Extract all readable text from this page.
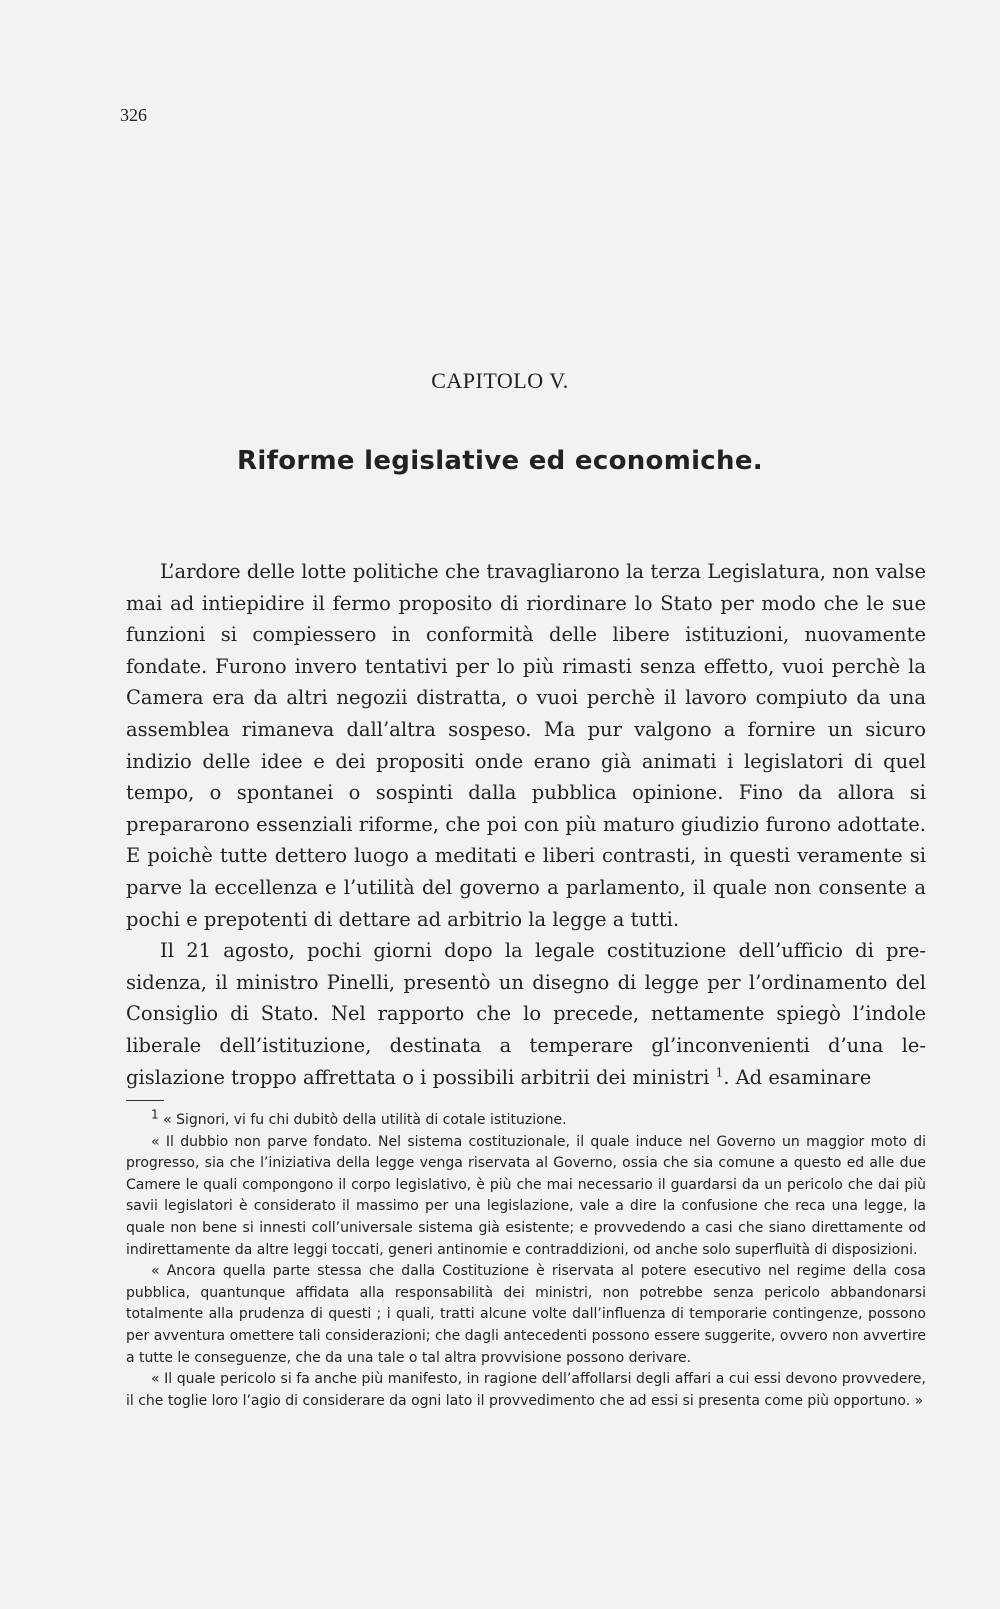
326
CAPITOLO V.
Riforme legislative ed economiche.

L’ardore delle lotte politiche che travagliarono la terza Legislatura, non valse mai ad intiepidire il fermo proposito di riordinare lo Stato per modo che le sue funzioni si compiessero in conformità delle libere istituzioni, nuovamente fondate. Furono invero tentativi per lo più rimasti senza effetto, vuoi perchè la Camera era da altri negozii distratta, o vuoi perchè il lavoro compiuto da una assemblea rimaneva dall’altra sospeso. Ma pur valgono a fornire un sicuro indizio delle idee e dei propositi onde erano già animati i legislatori di quel tempo, o spontanei o sospinti dalla pubblica opinione. Fino da allora si prepararono essenziali riforme, che poi con più maturo giudizio furono adottate. E poichè tutte dettero luogo a meditati e liberi contrasti, in questi veramente si parve la eccellenza e l’utilità del governo a parlamento, il quale non consente a pochi e prepotenti di dettare ad arbitrio la legge a tutti.

Il 21 agosto, pochi giorni dopo la legale costituzione dell’ufficio di presidenza, il ministro Pinelli, presentò un disegno di legge per l’ordinamento del Consiglio di Stato. Nel rapporto che lo precede, nettamente spiegò l’indole liberale dell’istituzione, destinata a temperare gl’inconvenienti d’una legislazione troppo affrettata o i possibili arbitrii dei ministri $^1$. Ad esaminare

$^1$ « Signori, vi fu chi dubitò della utilità di cotale istituzione.

« Il dubbio non parve fondato. Nel sistema costituzionale, il quale induce nel Governo un maggior moto di progresso, sia che l’iniziativa della legge venga riservata al Governo, ossia che sia comune a questo ed alle due Camere le quali compongono il corpo legislativo, è più che mai necessario il guardarsi da un pericolo che dai più savii legislatori è considerato il massimo per una legislazione, vale a dire la confusione che reca una legge, la quale non bene si innesti coll’universale sistema già esistente; e provvedendo a casi che siano direttamente od indirettamente da altre leggi toccati, generi antinomie e contraddizioni, od anche solo superfluità di disposizioni.

« Ancora quella parte stessa che dalla Costituzione è riservata al potere esecutivo nel regime della cosa pubblica, quantunque affidata alla responsabilità dei ministri, non potrebbe senza pericolo abbandonarsi totalmente alla prudenza di questi ; i quali, tratti alcune volte dall’influenza di temporarie contingenze, possono per avventura omettere tali considerazioni; che dagli antecedenti possono essere suggerite, ovvero non avvertire a tutte le conseguenze, che da una tale o tal altra provvisione possono derivare.

« Il quale pericolo si fa anche più manifesto, in ragione dell’affollarsi degli affari a cui essi devono provvedere, il che toglie loro l’agio di considerare da ogni lato il provvedimento che ad essi si presenta come più opportuno. »
